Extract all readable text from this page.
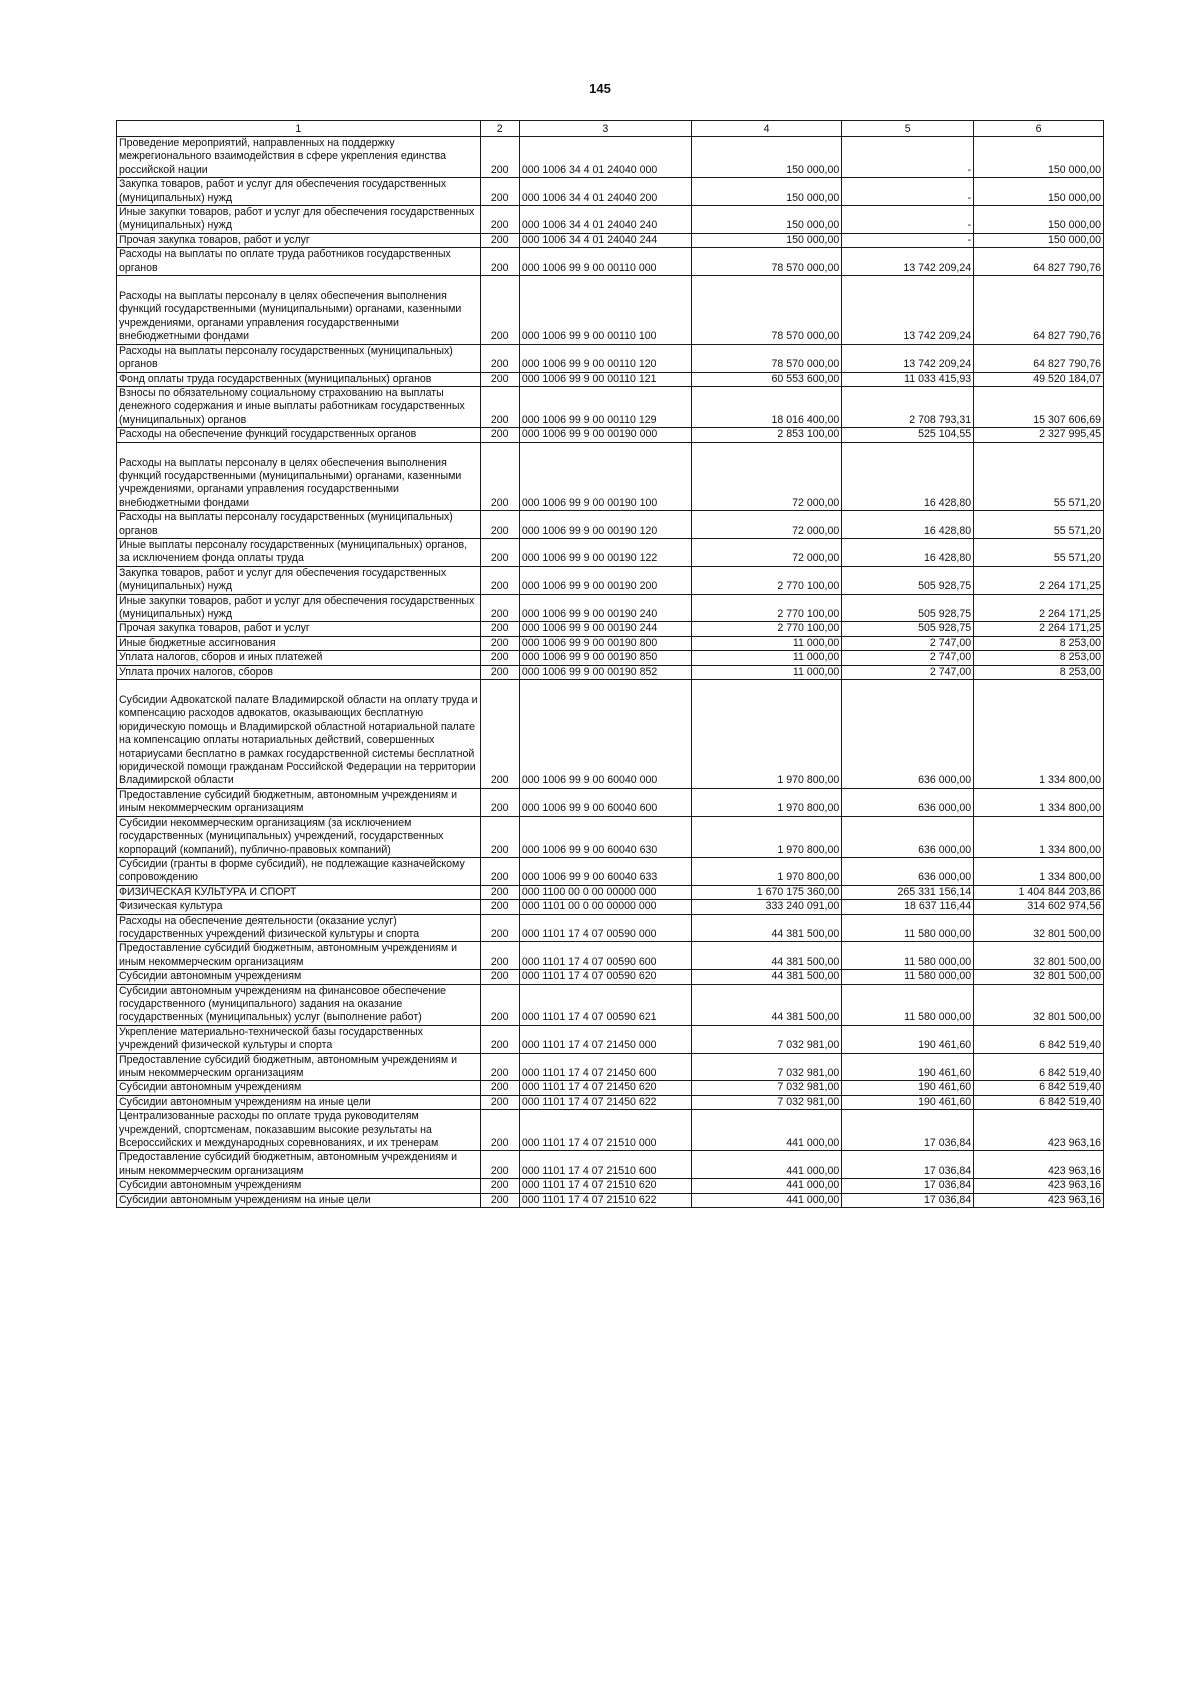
145
1	2	3	4	5	6
Проведение мероприятий, направленных на поддержку межрегионального взаимодействия в сфере укрепления единства российской нации	200	000 1006 34 4 01 24040 000	150 000,00	-	150 000,00
Закупка товаров, работ и услуг для обеспечения государственных (муниципальных) нужд	200	000 1006 34 4 01 24040 200	150 000,00	-	150 000,00
Иные закупки товаров, работ и услуг для обеспечения государственных (муниципальных) нужд	200	000 1006 34 4 01 24040 240	150 000,00	-	150 000,00
Прочая закупка товаров, работ и услуг	200	000 1006 34 4 01 24040 244	150 000,00	-	150 000,00
Расходы на выплаты по оплате труда работников государственных органов	200	000 1006 99 9 00 00110 000	78 570 000,00	13 742 209,24	64 827 790,76
Расходы на выплаты персоналу в целях обеспечения выполнения функций государственными (муниципальными) органами, казенными учреждениями, органами управления государственными внебюджетными фондами	200	000 1006 99 9 00 00110 100	78 570 000,00	13 742 209,24	64 827 790,76
Расходы на выплаты персоналу государственных (муниципальных) органов	200	000 1006 99 9 00 00110 120	78 570 000,00	13 742 209,24	64 827 790,76
Фонд оплаты труда государственных (муниципальных) органов	200	000 1006 99 9 00 00110 121	60 553 600,00	11 033 415,93	49 520 184,07
Взносы по обязательному социальному страхованию на выплаты денежного содержания и иные выплаты работникам государственных (муниципальных) органов	200	000 1006 99 9 00 00110 129	18 016 400,00	2 708 793,31	15 307 606,69
Расходы на обеспечение функций государственных органов	200	000 1006 99 9 00 00190 000	2 853 100,00	525 104,55	2 327 995,45
Расходы на выплаты персоналу в целях обеспечения выполнения функций государственными (муниципальными) органами, казенными учреждениями, органами управления государственными внебюджетными фондами	200	000 1006 99 9 00 00190 100	72 000,00	16 428,80	55 571,20
Расходы на выплаты персоналу государственных (муниципальных) органов	200	000 1006 99 9 00 00190 120	72 000,00	16 428,80	55 571,20
Иные выплаты персоналу государственных (муниципальных) органов, за исключением фонда оплаты труда	200	000 1006 99 9 00 00190 122	72 000,00	16 428,80	55 571,20
Закупка товаров, работ и услуг для обеспечения государственных (муниципальных) нужд	200	000 1006 99 9 00 00190 200	2 770 100,00	505 928,75	2 264 171,25
Иные закупки товаров, работ и услуг для обеспечения государственных (муниципальных) нужд	200	000 1006 99 9 00 00190 240	2 770 100,00	505 928,75	2 264 171,25
Прочая закупка товаров, работ и услуг	200	000 1006 99 9 00 00190 244	2 770 100,00	505 928,75	2 264 171,25
Иные бюджетные ассигнования	200	000 1006 99 9 00 00190 800	11 000,00	2 747,00	8 253,00
Уплата налогов, сборов и иных платежей	200	000 1006 99 9 00 00190 850	11 000,00	2 747,00	8 253,00
Уплата прочих налогов, сборов	200	000 1006 99 9 00 00190 852	11 000,00	2 747,00	8 253,00
Субсидии Адвокатской палате Владимирской области на оплату труда и компенсацию расходов адвокатов, оказывающих бесплатную юридическую помощь и Владимирской областной нотариальной палате на компенсацию оплаты нотариальных действий, совершенных нотариусами бесплатно в рамках государственной системы бесплатной юридической помощи гражданам Российской Федерации на территории Владимирской области	200	000 1006 99 9 00 60040 000	1 970 800,00	636 000,00	1 334 800,00
Предоставление субсидий бюджетным, автономным учреждениям и иным некоммерческим организациям	200	000 1006 99 9 00 60040 600	1 970 800,00	636 000,00	1 334 800,00
Субсидии некоммерческим организациям (за исключением государственных (муниципальных) учреждений, государственных корпораций (компаний), публично-правовых компаний)	200	000 1006 99 9 00 60040 630	1 970 800,00	636 000,00	1 334 800,00
Субсидии (гранты в форме субсидий), не подлежащие казначейскому сопровождению	200	000 1006 99 9 00 60040 633	1 970 800,00	636 000,00	1 334 800,00
ФИЗИЧЕСКАЯ КУЛЬТУРА И СПОРТ	200	000 1100 00 0 00 00000 000	1 670 175 360,00	265 331 156,14	1 404 844 203,86
Физическая культура	200	000 1101 00 0 00 00000 000	333 240 091,00	18 637 116,44	314 602 974,56
Расходы на обеспечение деятельности (оказание услуг) государственных учреждений физической культуры и спорта	200	000 1101 17 4 07 00590 000	44 381 500,00	11 580 000,00	32 801 500,00
Предоставление субсидий бюджетным, автономным учреждениям и иным некоммерческим организациям	200	000 1101 17 4 07 00590 600	44 381 500,00	11 580 000,00	32 801 500,00
Субсидии автономным учреждениям	200	000 1101 17 4 07 00590 620	44 381 500,00	11 580 000,00	32 801 500,00
Субсидии автономным учреждениям на финансовое обеспечение государственного (муниципального) задания на оказание государственных (муниципальных) услуг (выполнение работ)	200	000 1101 17 4 07 00590 621	44 381 500,00	11 580 000,00	32 801 500,00
Укрепление материально-технической базы государственных учреждений физической культуры и спорта	200	000 1101 17 4 07 21450 000	7 032 981,00	190 461,60	6 842 519,40
Предоставление субсидий бюджетным, автономным учреждениям и иным некоммерческим организациям	200	000 1101 17 4 07 21450 600	7 032 981,00	190 461,60	6 842 519,40
Субсидии автономным учреждениям	200	000 1101 17 4 07 21450 620	7 032 981,00	190 461,60	6 842 519,40
Субсидии автономным учреждениям на иные цели	200	000 1101 17 4 07 21450 622	7 032 981,00	190 461,60	6 842 519,40
Централизованные расходы по оплате труда руководителям учреждений, спортсменам, показавшим высокие результаты на Всероссийских и международных соревнованиях, и их тренерам	200	000 1101 17 4 07 21510 000	441 000,00	17 036,84	423 963,16
Предоставление субсидий бюджетным, автономным учреждениям и иным некоммерческим организациям	200	000 1101 17 4 07 21510 600	441 000,00	17 036,84	423 963,16
Субсидии автономным учреждениям	200	000 1101 17 4 07 21510 620	441 000,00	17 036,84	423 963,16
Субсидии автономным учреждениям на иные цели	200	000 1101 17 4 07 21510 622	441 000,00	17 036,84	423 963,16
